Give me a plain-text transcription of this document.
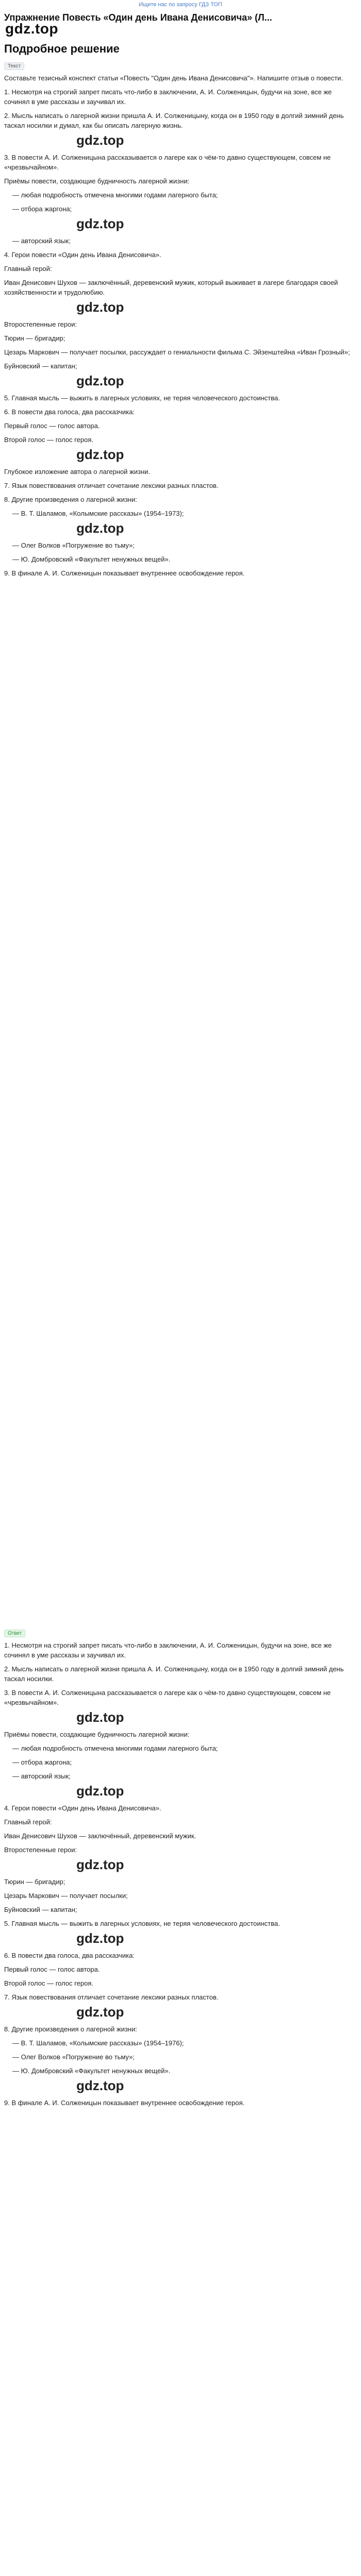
Ищите нас по запросу ГДЗ ТОП
Упражнение Повесть «Один день Ивана Денисовича» (Л...
gdz.top
Подробное решение
Текст

Составьте тезисный конспект статьи «Повесть "Один день Ивана Денисовича"». Напишите отзыв о повести.

1. Несмотря на строгий запрет писать что-либо в заключении, А. И. Солженицын, будучи на зоне, все же сочинял в уме рассказы и заучивал их.

2. Мысль написать о лагерной жизни пришла А. И. Солженицыну, когда он в 1950 году в долгий зимний день таскал носилки и думал, как бы описать лагерную жизнь.

gdz.top

3. В повести А. И. Солженицына рассказывается о лагере как о чём-то давно существующем, совсем не «чрезвычайном».

Приёмы повести, создающие будничность лагерной жизни:

— любая подробность отмечена многими годами лагерного быта;

— отбора жаргона;

gdz.top

— авторский язык;

4. Герои повести «Один день Ивана Денисовича».

Главный герой:

Иван Денисович Шухов — заключённый, деревенский мужик, который выживает в лагере благодаря своей хозяйственности и трудолюбию.

gdz.top

Второстепенные герои:

Тюрин — бригадир;

Цезарь Маркович — получает посылки, рассуждает о гениальности фильма С. Эйзенштейна «Иван Грозный»;

Буйновский — капитан;

gdz.top

5. Главная мысль — выжить в лагерных условиях, не теряя человеческого достоинства.

6. В повести два голоса, два рассказчика:

Первый голос — голос автора.

Второй голос — голос героя.

gdz.top

Глубокое изложение автора о лагерной жизни.

7. Язык повествования отличает сочетание лексики разных пластов.

8. Другие произведения о лагерной жизни:

— В. Т. Шаламов, «Колымские рассказы» (1954–1973);

gdz.top

— Олег Волков «Погружение во тьму»;

— Ю. Домбровский «Факультет ненужных вещей».

9. В финале А. И. Солженицын показывает внутреннее освобождение героя.

Ответ

1. Несмотря на строгий запрет писать что-либо в заключении, А. И. Солженицын, будучи на зоне, все же сочинял в уме рассказы и заучивал их.

2. Мысль написать о лагерной жизни пришла А. И. Солженицыну, когда он в 1950 году в долгий зимний день таскал носилки.

3. В повести А. И. Солженицына рассказывается о лагере как о чём-то давно существующем, совсем не «чрезвычайном».

gdz.top

Приёмы повести, создающие будничность лагерной жизни:

— любая подробность отмечена многими годами лагерного быта;

— отбора жаргона;

— авторский язык;

gdz.top

4. Герои повести «Один день Ивана Денисовича».

Главный герой:

Иван Денисович Шухов — заключённый, деревенский мужик.

Второстепенные герои:

gdz.top

Тюрин — бригадир;

Цезарь Маркович — получает посылки;

Буйновский — капитан;

5. Главная мысль — выжить в лагерных условиях, не теряя человеческого достоинства.

gdz.top

6. В повести два голоса, два рассказчика:

Первый голос — голос автора.

Второй голос — голос героя.

7. Язык повествования отличает сочетание лексики разных пластов.

gdz.top

8. Другие произведения о лагерной жизни:

— В. Т. Шаламов, «Колымские рассказы» (1954–1976);

— Олег Волков «Погружение во тьму»;

— Ю. Домбровский «Факультет ненужных вещей».

gdz.top

9. В финале А. И. Солженицын показывает внутреннее освобождение героя.
